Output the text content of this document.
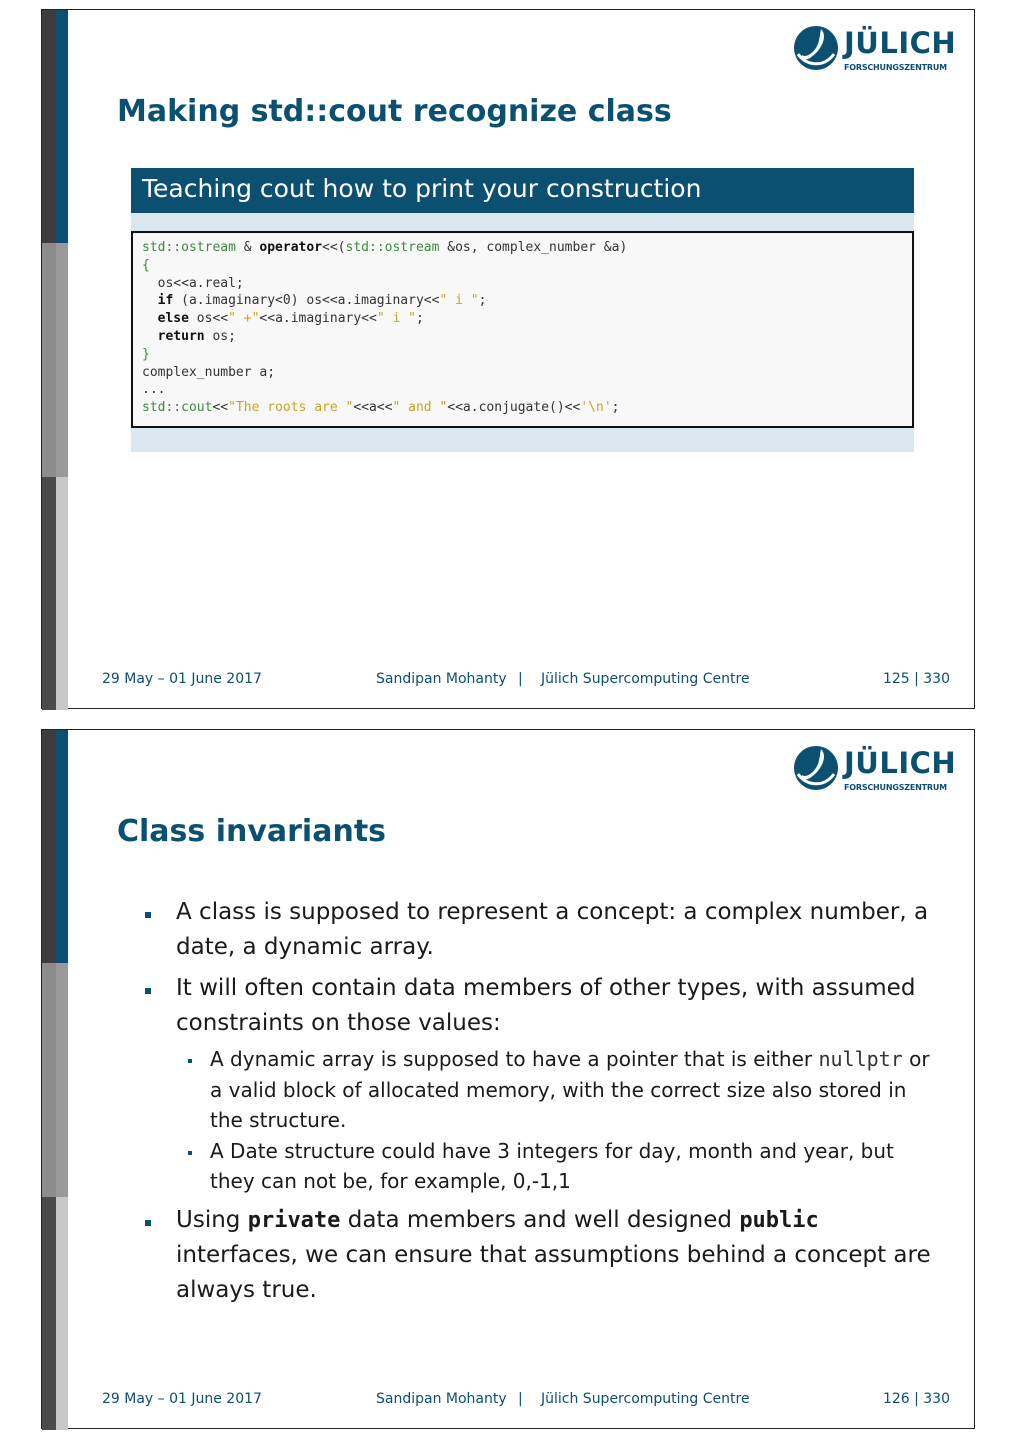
JÜLICH
FORSCHUNGSZENTRUM
Making std::cout recognize class
Teaching cout how to print your construction
std::ostream & operator<<(std::ostream &os, complex_number &a)
{
os<<a.real;
if (a.imaginary<0) os<<a.imaginary<<" i ";
else os<<" +"<<a.imaginary<<" i ";
return os;
}
complex_number a;
...
std::cout<<"The roots are "<<a<<" and "<<a.conjugate()<<'\n';
29 May – 01 June 2017	Sandipan Mohanty | Jülich Supercomputing Centre	125 | 330
JÜLICH
FORSCHUNGSZENTRUM
Class invariants
A class is supposed to represent a concept: a complex number, a date, a dynamic array.
It will often contain data members of other types, with assumed constraints on those values:
A dynamic array is supposed to have a pointer that is either nullptr or a valid block of allocated memory, with the correct size also stored in the structure.
A Date structure could have 3 integers for day, month and year, but they can not be, for example, 0,-1,1
Using private data members and well designed public interfaces, we can ensure that assumptions behind a concept are always true.
29 May – 01 June 2017	Sandipan Mohanty | Jülich Supercomputing Centre	126 | 330
